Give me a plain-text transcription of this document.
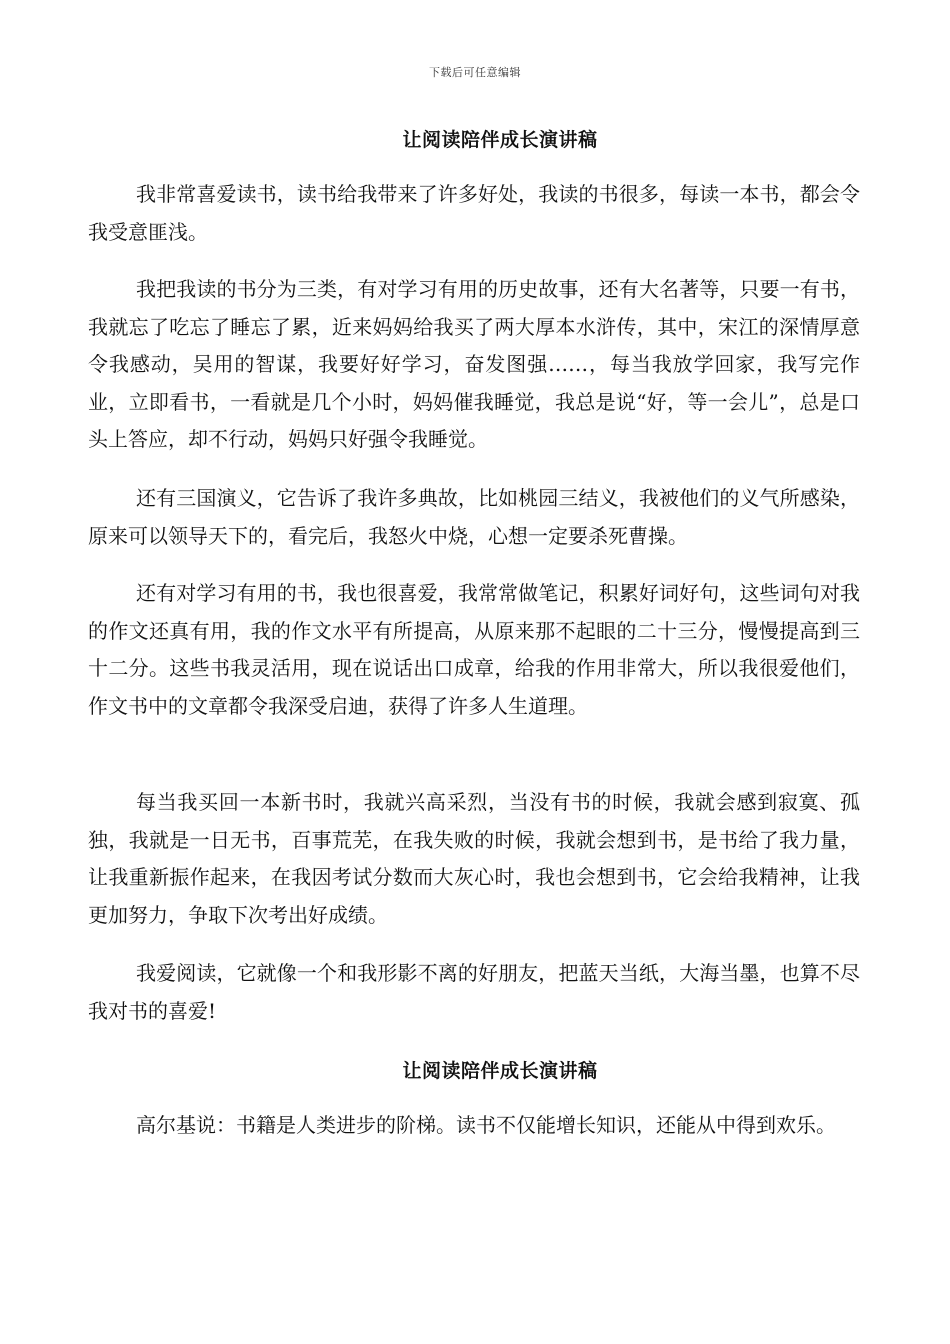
下载后可任意编辑
让阅读陪伴成长演讲稿

我非常喜爱读书，读书给我带来了许多好处，我读的书很多，每读一本书，都会令我受意匪浅。

我把我读的书分为三类，有对学习有用的历史故事，还有大名著等，只要一有书，我就忘了吃忘了睡忘了累，近来妈妈给我买了两大厚本水浒传，其中，宋江的深情厚意令我感动，吴用的智谋，我要好好学习，奋发图强……，每当我放学回家，我写完作业，立即看书，一看就是几个小时，妈妈催我睡觉，我总是说“好，等一会儿”，总是口头上答应，却不行动，妈妈只好强令我睡觉。

还有三国演义，它告诉了我许多典故，比如桃园三结义，我被他们的义气所感染，原来可以领导天下的，看完后，我怒火中烧，心想一定要杀死曹操。

还有对学习有用的书，我也很喜爱，我常常做笔记，积累好词好句，这些词句对我的作文还真有用，我的作文水平有所提高，从原来那不起眼的二十三分，慢慢提高到三十二分。这些书我灵活用，现在说话出口成章，给我的作用非常大，所以我很爱他们，作文书中的文章都令我深受启迪，获得了许多人生道理。

每当我买回一本新书时，我就兴高采烈，当没有书的时候，我就会感到寂寞、孤独，我就是一日无书，百事荒芜，在我失败的时候，我就会想到书，是书给了我力量，让我重新振作起来，在我因考试分数而大灰心时，我也会想到书，它会给我精神，让我更加努力，争取下次考出好成绩。

我爱阅读，它就像一个和我形影不离的好朋友，把蓝天当纸，大海当墨，也算不尽我对书的喜爱!

让阅读陪伴成长演讲稿

高尔基说：书籍是人类进步的阶梯。读书不仅能增长知识，还能从中得到欢乐。
